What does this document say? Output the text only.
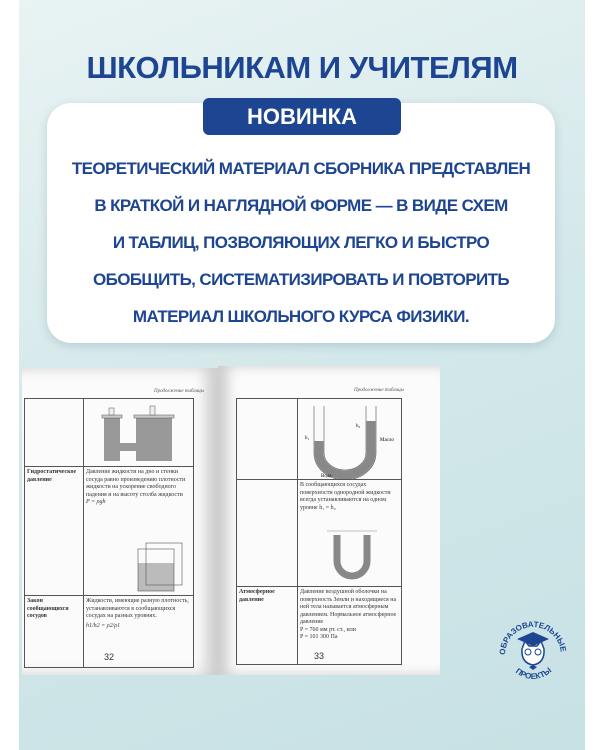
ШКОЛЬНИКАМ И УЧИТЕЛЯМ
НОВИНКА
ТЕОРЕТИЧЕСКИЙ МАТЕРИАЛ СБОРНИКА ПРЕДСТАВЛЕН
В КРАТКОЙ И НАГЛЯДНОЙ ФОРМЕ — В ВИДЕ СХЕМ
И ТАБЛИЦ, ПОЗВОЛЯЮЩИХ ЛЕГКО И БЫСТРО
ОБОБЩИТЬ, СИСТЕМАТИЗИРОВАТЬ И ПОВТОРИТЬ
МАТЕРИАЛ ШКОЛЬНОГО КУРСА ФИЗИКИ.
Продолжение таблицы
Гидростатическое давление
Давление жидкости на дно и стенки сосуда равно произведению плотности жидкости на ускорение свободного падения и на высоту столба жидкости
P = ρgh
Закон сообщающихся сосудов
Жидкости, имеющие разную плотность, устанавливаются в сообщающихся сосудах на разных уровнях.
h1/h2 = ρ2/ρ1
32
Продолжение таблицы
h₁
h₂
Масло
Вода
В сообщающихся сосудах поверхности однородной жидкости всегда устанавливаются на одном уровне h₁ = h₂
Атмосферное давление
Давление воздушной оболочки на поверхность Земли и находящиеся на ней тела называется атмосферным давлением. Нормальное атмосферное давление
P = 760 мм рт. ст., или
P = 101 300 Па
33	ОБРАЗОВАТЕЛЬНЫЕ
ПРОЕКТЫ
